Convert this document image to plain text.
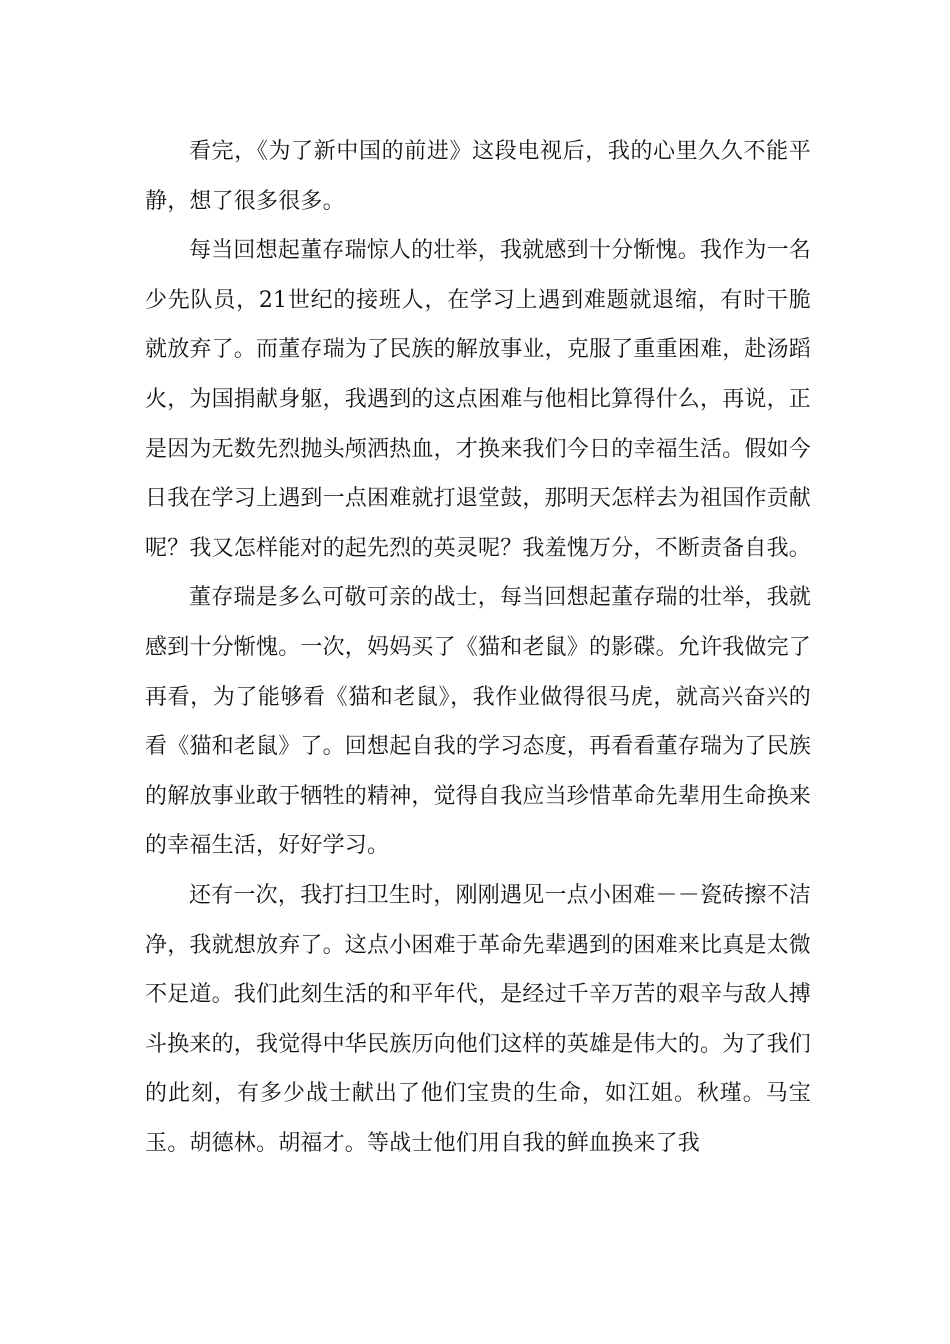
看完，《为了新中国的前进》这段电视后，我的心里久久不能平静，想了很多很多。

每当回想起董存瑞惊人的壮举，我就感到十分惭愧。我作为一名少先队员，21世纪的接班人，在学习上遇到难题就退缩，有时干脆就放弃了。而董存瑞为了民族的解放事业，克服了重重困难，赴汤蹈火，为国捐献身躯，我遇到的这点困难与他相比算得什么，再说，正是因为无数先烈抛头颅洒热血，才换来我们今日的幸福生活。假如今日我在学习上遇到一点困难就打退堂鼓，那明天怎样去为祖国作贡献呢？我又怎样能对的起先烈的英灵呢？我羞愧万分，不断责备自我。

董存瑞是多么可敬可亲的战士，每当回想起董存瑞的壮举，我就感到十分惭愧。一次，妈妈买了《猫和老鼠》的影碟。允许我做完了再看，为了能够看《猫和老鼠》，我作业做得很马虎，就高兴奋兴的看《猫和老鼠》了。回想起自我的学习态度，再看看董存瑞为了民族的解放事业敢于牺牲的精神，觉得自我应当珍惜革命先辈用生命换来的幸福生活，好好学习。

还有一次，我打扫卫生时，刚刚遇见一点小困难－－瓷砖擦不洁净，我就想放弃了。这点小困难于革命先辈遇到的困难来比真是太微不足道。我们此刻生活的和平年代，是经过千辛万苦的艰辛与敌人搏斗换来的，我觉得中华民族历向他们这样的英雄是伟大的。为了我们的此刻，有多少战士献出了他们宝贵的生命，如江姐。秋瑾。马宝玉。胡德林。胡福才。等战士他们用自我的鲜血换来了我
